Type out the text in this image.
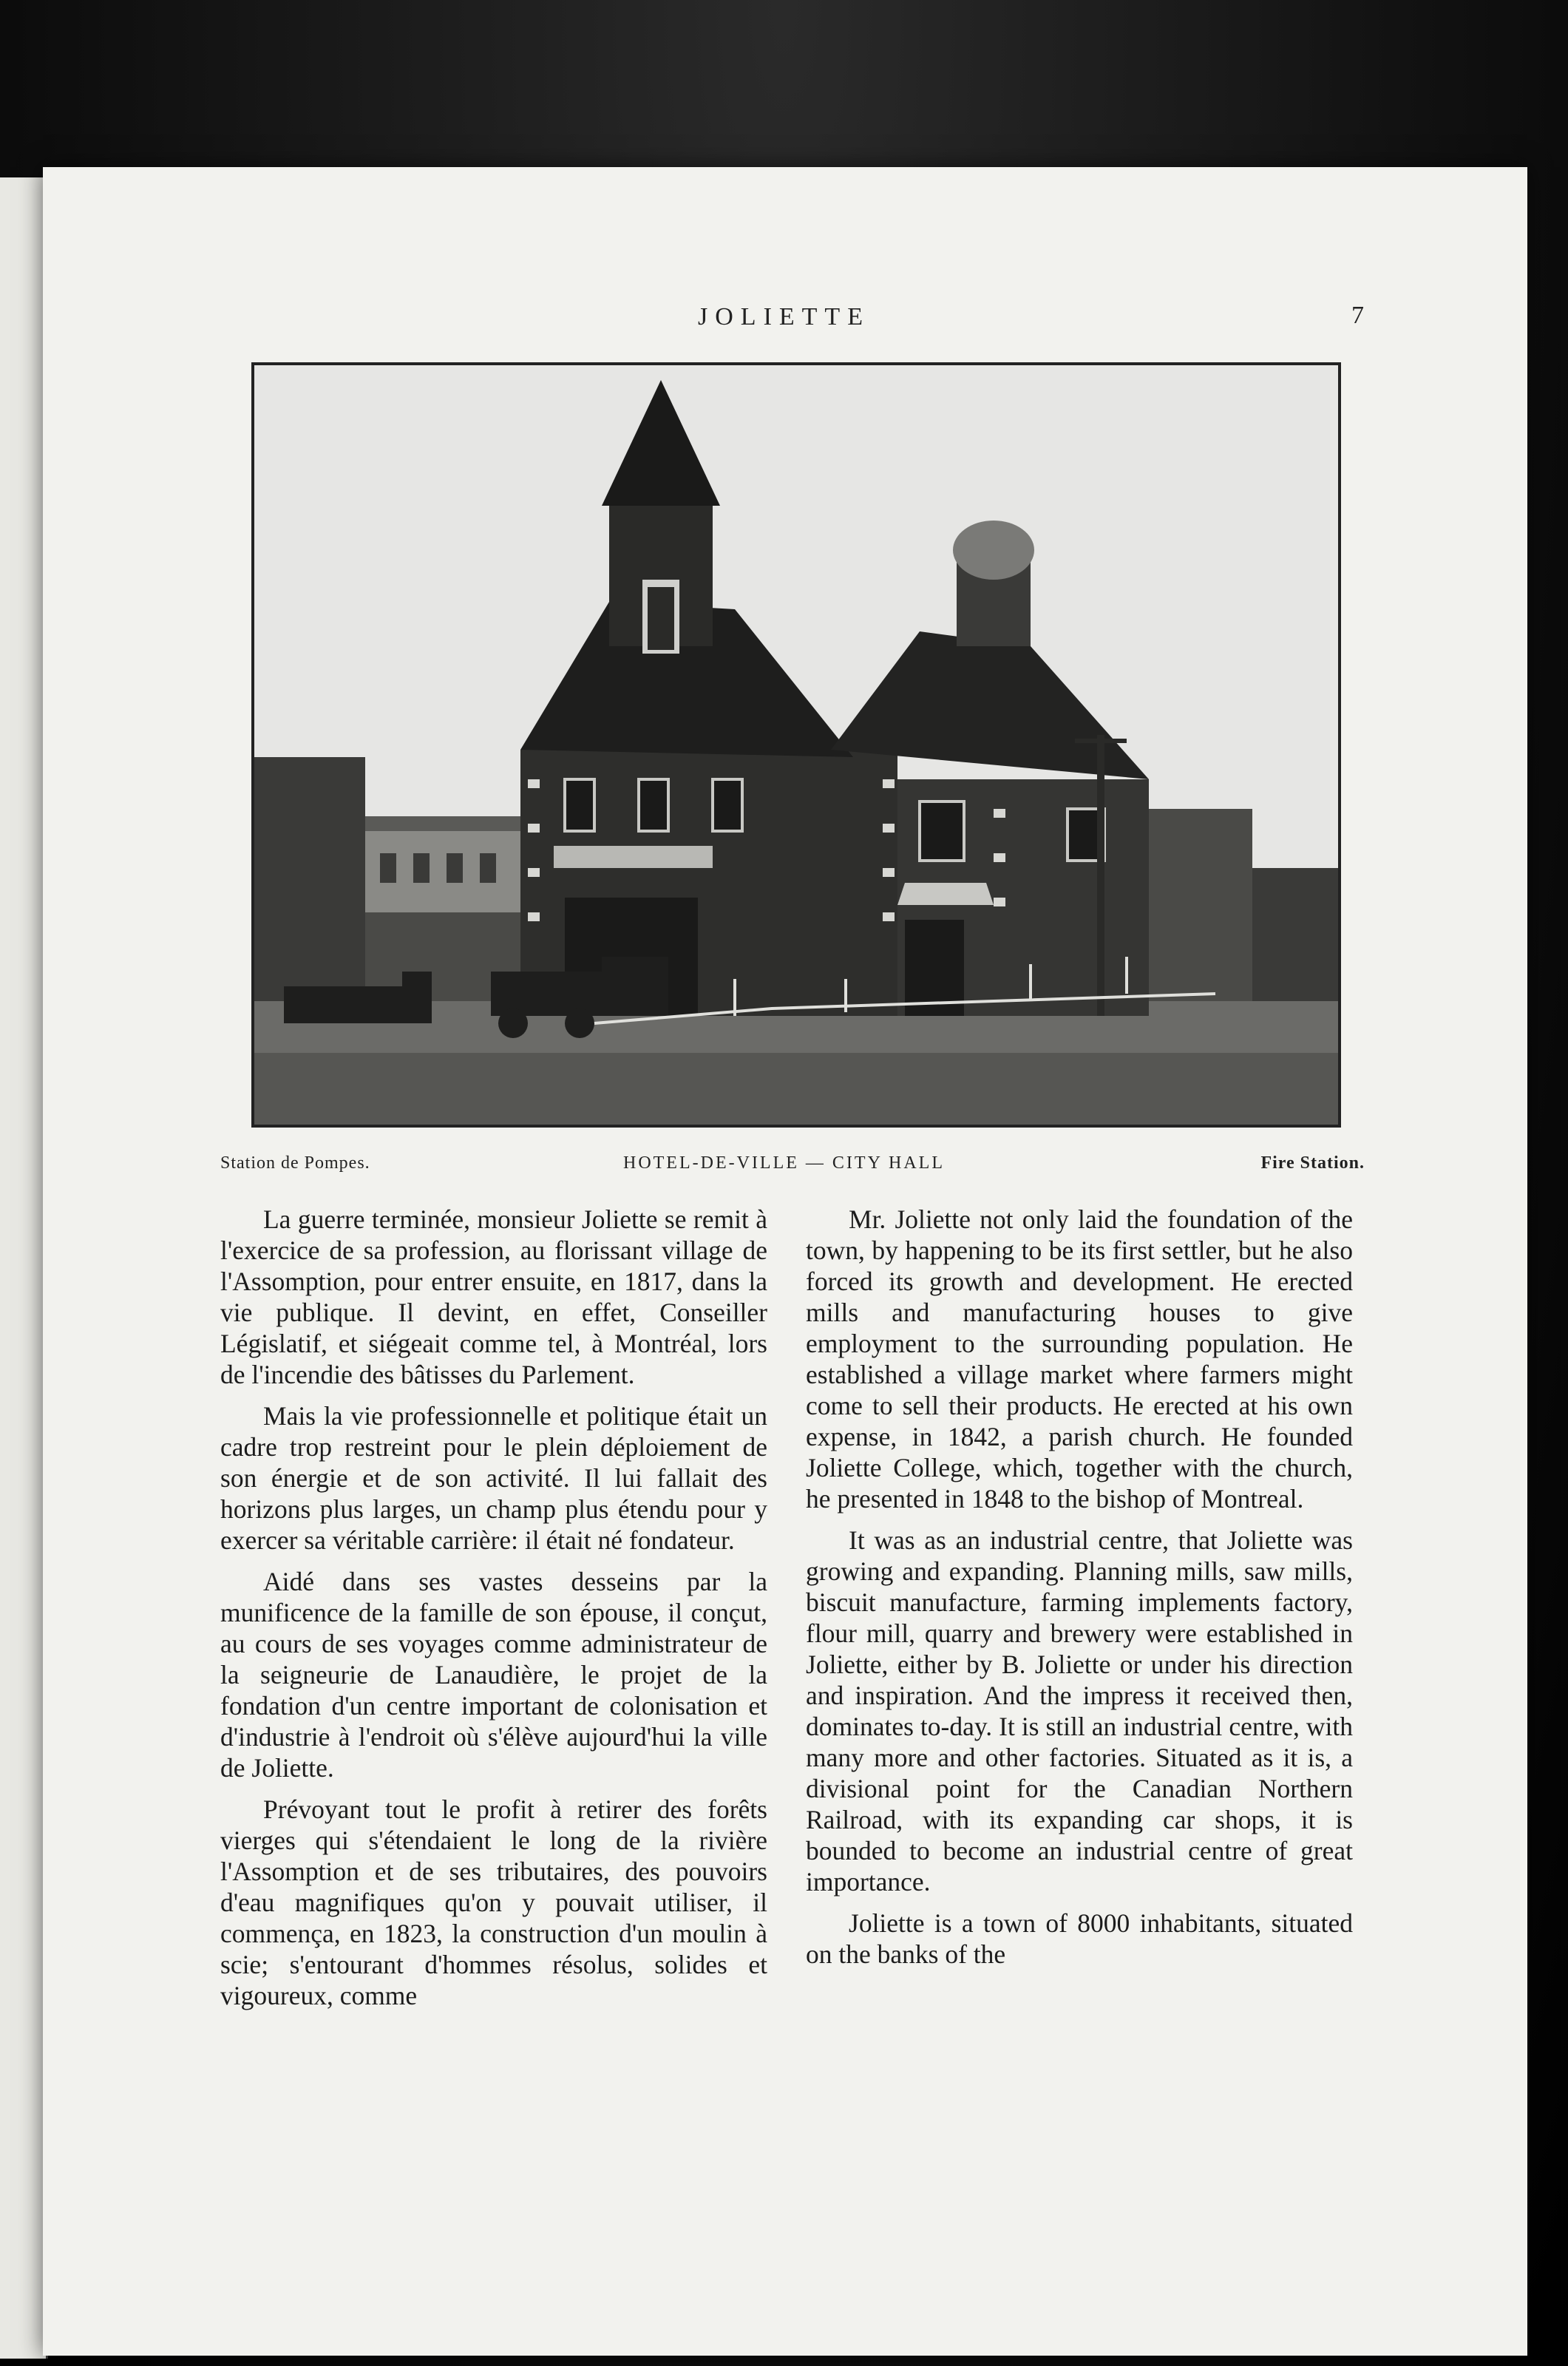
JOLIETTE	7
Station de Pompes.	HOTEL-DE-VILLE — CITY HALL	Fire Station.

La guerre terminée, monsieur Joliette se remit à l'exercice de sa profession, au florissant village de l'Assomption, pour entrer ensuite, en 1817, dans la vie publique. Il devint, en effet, Conseiller Législatif, et siégeait comme tel, à Montréal, lors de l'incendie des bâtisses du Parlement.

Mais la vie professionnelle et politique était un cadre trop restreint pour le plein déploiement de son énergie et de son activité. Il lui fallait des horizons plus larges, un champ plus étendu pour y exercer sa véritable carrière: il était né fondateur.

Aidé dans ses vastes desseins par la munificence de la famille de son épouse, il conçut, au cours de ses voyages comme administrateur de la seigneurie de Lanaudière, le projet de la fondation d'un centre important de colonisation et d'industrie à l'endroit où s'élève aujourd'hui la ville de Joliette.

Prévoyant tout le profit à retirer des forêts vierges qui s'étendaient le long de la rivière l'Assomption et de ses tributaires, des pouvoirs d'eau magnifiques qu'on y pouvait utiliser, il commença, en 1823, la construction d'un moulin à scie; s'entourant d'hommes résolus, solides et vigoureux, comme

Mr. Joliette not only laid the foundation of the town, by happening to be its first settler, but he also forced its growth and development. He erected mills and manufacturing houses to give employment to the surrounding population. He established a village market where farmers might come to sell their products. He erected at his own expense, in 1842, a parish church. He founded Joliette College, which, together with the church, he presented in 1848 to the bishop of Montreal.

It was as an industrial centre, that Joliette was growing and expanding. Planning mills, saw mills, biscuit manufacture, farming implements factory, flour mill, quarry and brewery were established in Joliette, either by B. Joliette or under his direction and inspiration. And the impress it received then, dominates to-day. It is still an industrial centre, with many more and other factories. Situated as it is, a divisional point for the Canadian Northern Railroad, with its expanding car shops, it is bounded to become an industrial centre of great importance.

Joliette is a town of 8000 inhabitants, situated on the banks of the
